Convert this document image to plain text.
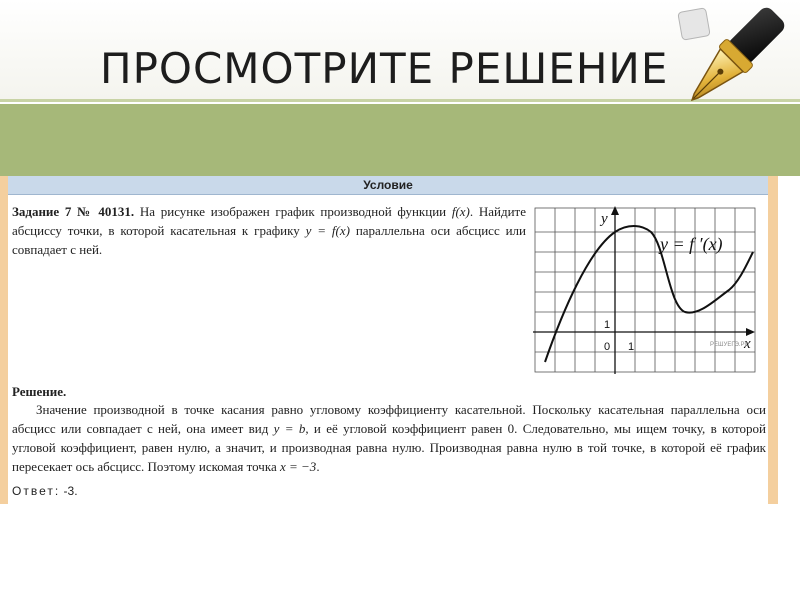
ПРОСМОТРИТЕ РЕШЕНИЕ
Условие
Задание 7 № 40131. На рисунке изображен график производной функции f(x). Найдите абсциссу точки, в которой касательная к графику y = f(x) параллельна оси абсцисс или совпадает с ней.
y
x
0 1
1
y = f ′(x)
РЕШУЕГЭ.РФ
Решение.
Значение производной в точке касания равно угловому коэффициенту касательной. Поскольку касательная параллельна оси абсцисс или совпадает с ней, она имеет вид y = b, и её угловой коэффициент равен 0. Следовательно, мы ищем точку, в которой угловой коэффициент, равен нулю, а значит, и производная равна нулю. Производная равна нулю в той точке, в которой её график пересекает ось абсцисс. Поэтому искомая точка x = −3.
Ответ: -3.
